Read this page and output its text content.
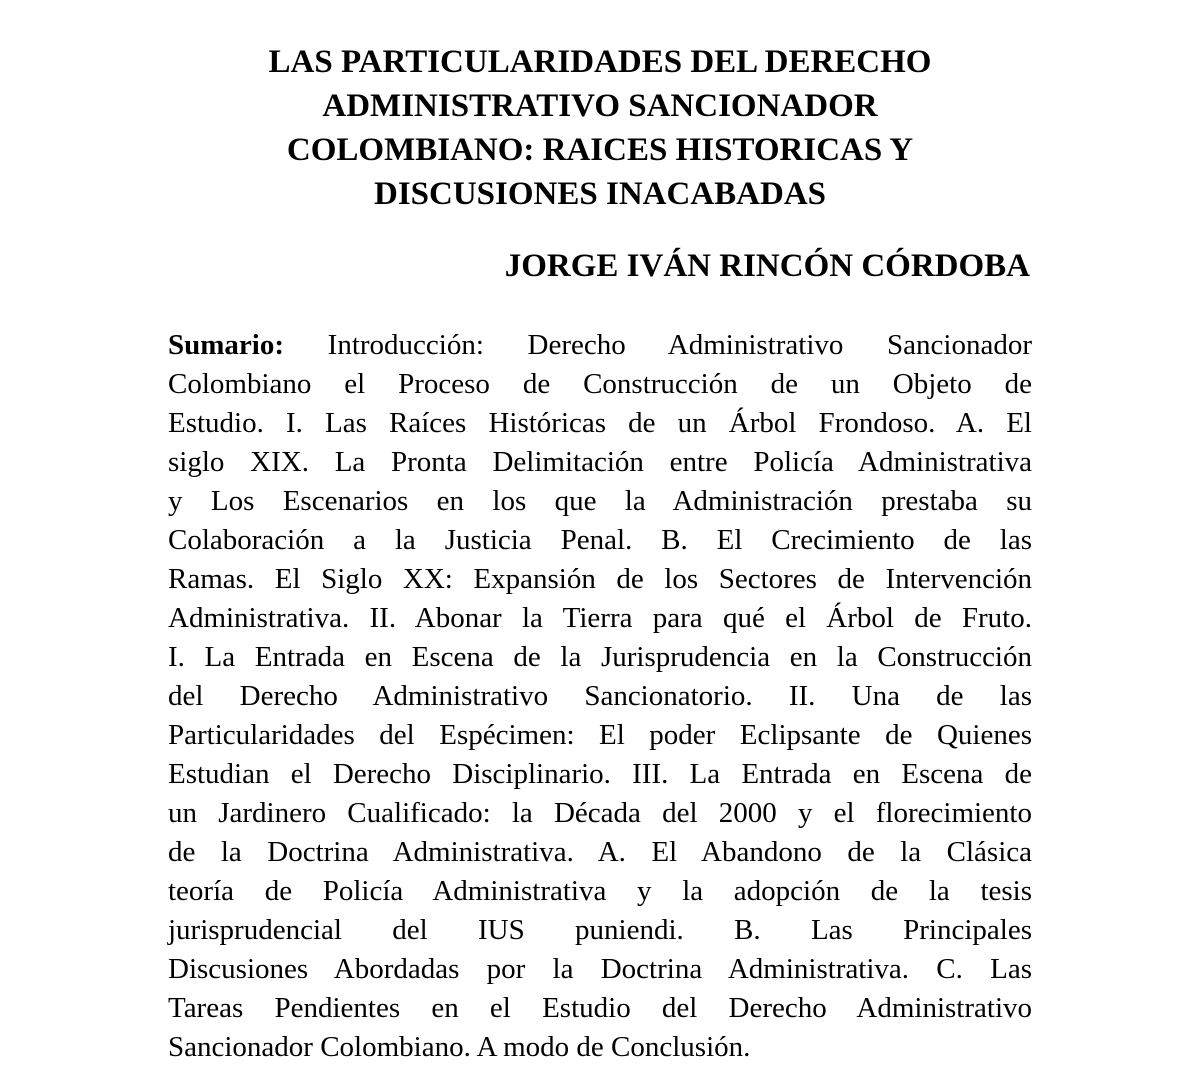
LAS PARTICULARIDADES DEL DERECHO
ADMINISTRATIVO SANCIONADOR
COLOMBIANO: RAICES HISTORICAS Y
DISCUSIONES INACABADAS
JORGE IVÁN RINCÓN CÓRDOBA
Sumario: Introducción: Derecho Administrativo Sancionador
Colombiano el Proceso de Construcción de un Objeto de
Estudio. I. Las Raíces Históricas de un Árbol Frondoso. A. El
siglo XIX. La Pronta Delimitación entre Policía Administrativa
y Los Escenarios en los que la Administración prestaba su
Colaboración a la Justicia Penal. B. El Crecimiento de las
Ramas. El Siglo XX: Expansión de los Sectores de Intervención
Administrativa. II. Abonar la Tierra para qué el Árbol de Fruto.
I. La Entrada en Escena de la Jurisprudencia en la Construcción
del Derecho Administrativo Sancionatorio. II. Una de las
Particularidades del Espécimen: El poder Eclipsante de Quienes
Estudian el Derecho Disciplinario. III. La Entrada en Escena de
un Jardinero Cualificado: la Década del 2000 y el florecimiento
de la Doctrina Administrativa. A. El Abandono de la Clásica
teoría de Policía Administrativa y la adopción de la tesis
jurisprudencial del IUS puniendi. B. Las Principales
Discusiones Abordadas por la Doctrina Administrativa. C. Las
Tareas Pendientes en el Estudio del Derecho Administrativo
Sancionador Colombiano. A modo de Conclusión.
